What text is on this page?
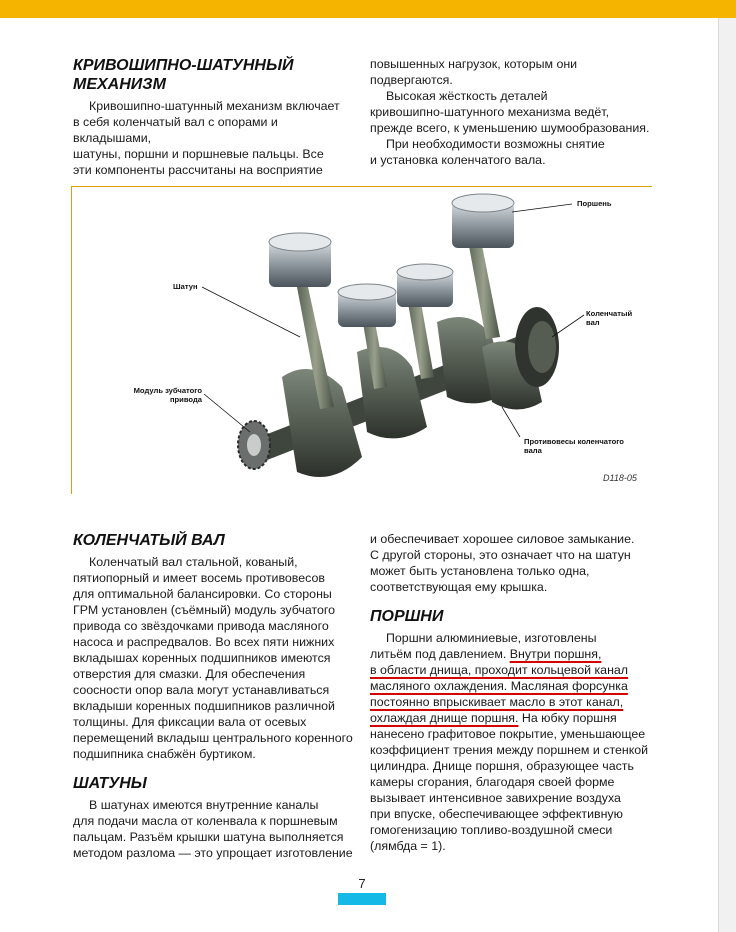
КРИВОШИПНО-ШАТУННЫЙ
МЕХАНИЗМ

Кривошипно-шатунный механизм включает

в себя коленчатый вал с опорами и вкладышами,

шатуны, поршни и поршневые пальцы. Все

эти компоненты рассчитаны на восприятие

повышенных нагрузок, которым они

подвергаются.

Высокая жёсткость деталей

кривошипно-шатунного механизма ведёт,

прежде всего, к уменьшению шумообразования.

При необходимости возможны снятие

и установка коленчатого вала.

Поршень
Шатун
Коленчатый
вал
Модуль зубчатого
привода
Противовесы коленчатого
вала
D118-05
КОЛЕНЧАТЫЙ ВАЛ

Коленчатый вал стальной, кованый,

пятиопорный и имеет восемь противовесов

для оптимальной балансировки. Со стороны

ГРМ установлен (съёмный) модуль зубчатого

привода со звёздочками привода масляного

насоса и распредвалов. Во всех пяти нижних

вкладышах коренных подшипников имеются

отверстия для смазки. Для обеспечения

соосности опор вала могут устанавливаться

вкладыши коренных подшипников различной

толщины. Для фиксации вала от осевых

перемещений вкладыш центрального коренного

подшипника снабжён буртиком.

ШАТУНЫ

В шатунах имеются внутренние каналы

для подачи масла от коленвала к поршневым

пальцам. Разъём крышки шатуна выполняется

методом разлома — это упрощает изготовление

и обеспечивает хорошее силовое замыкание.

С другой стороны, это означает что на шатун

может быть установлена только одна,

соответствующая ему крышка.

ПОРШНИ

Поршни алюминиевые, изготовлены

литьём под давлением. Внутри поршня,

в области днища, проходит кольцевой канал

масляного охлаждения. Масляная форсунка

постоянно впрыскивает масло в этот канал,

охлаждая днище поршня. На юбку поршня

нанесено графитовое покрытие, уменьшающее

коэффициент трения между поршнем и стенкой

цилиндра. Днище поршня, образующее часть

камеры сгорания, благодаря своей форме

вызывает интенсивное завихрение воздуха

при впуске, обеспечивающее эффективную

гомогенизацию топливо-воздушной смеси

(лямбда = 1).

7
